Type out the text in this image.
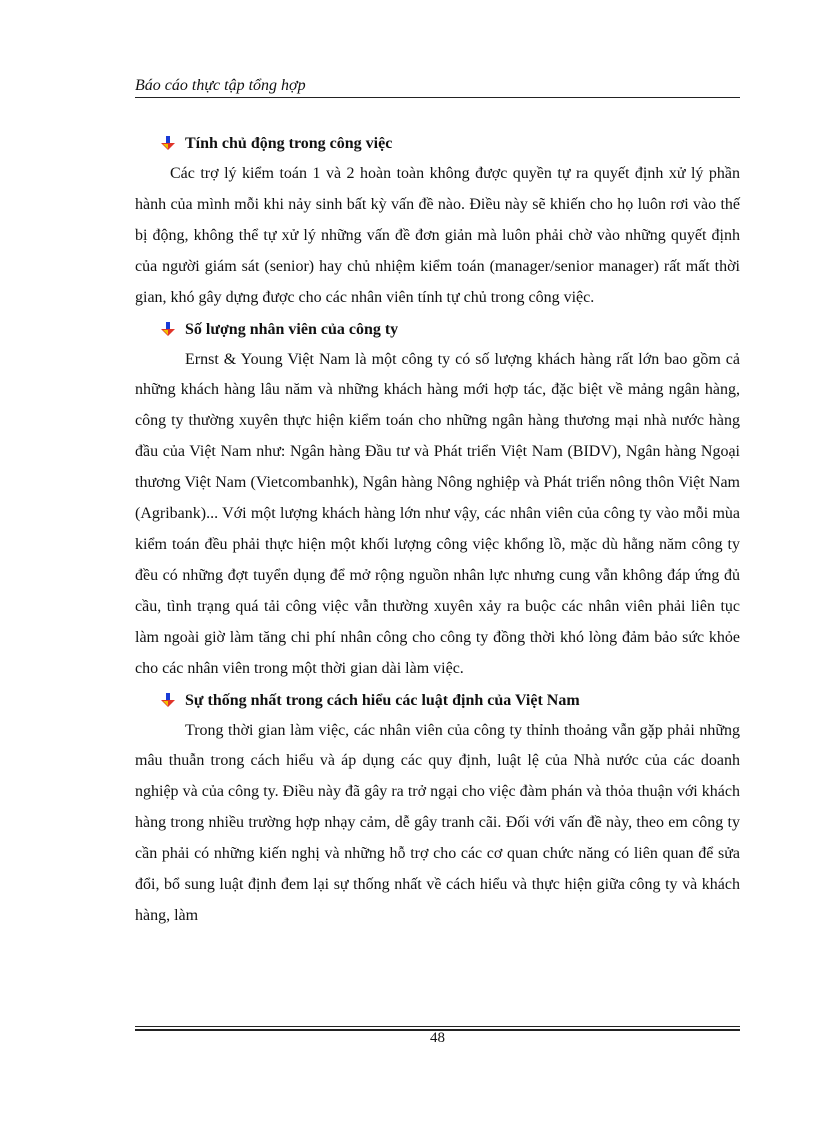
Báo cáo thực tập tổng hợp
Tính chủ động trong công việc

Các trợ lý kiểm toán 1 và 2 hoàn toàn không được quyền tự ra quyết định xử lý phần hành của mình mỗi khi nảy sinh bất kỳ vấn đề nào. Điều này sẽ khiến cho họ luôn rơi vào thế bị động, không thể tự xử lý những vấn đề đơn giản mà luôn phải chờ vào những quyết định của người giám sát (senior) hay chủ nhiệm kiểm toán (manager/senior manager) rất mất thời gian, khó gây dựng được cho các nhân viên tính tự chủ trong công việc.

Số lượng nhân viên của công ty

Ernst & Young Việt Nam là một công ty có số lượng khách hàng rất lớn bao gồm cả những khách hàng lâu năm và những khách hàng mới hợp tác, đặc biệt về mảng ngân hàng, công ty thường xuyên thực hiện kiểm toán cho những ngân hàng thương mại nhà nước hàng đầu của Việt Nam như: Ngân hàng Đầu tư và Phát triển Việt Nam (BIDV), Ngân hàng Ngoại thương Việt Nam (Vietcombanhk), Ngân hàng Nông nghiệp và Phát triển nông thôn Việt Nam (Agribank)... Với một lượng khách hàng lớn như vậy, các nhân viên của công ty vào mỗi mùa kiểm toán đều phải thực hiện một khối lượng công việc khổng lồ, mặc dù hằng năm công ty đều có những đợt tuyển dụng để mở rộng nguồn nhân lực nhưng cung vẫn không đáp ứng đủ cầu, tình trạng quá tải công việc vẫn thường xuyên xảy ra buộc các nhân viên phải liên tục làm ngoài giờ làm tăng chi phí nhân công cho công ty đồng thời khó lòng đảm bảo sức khỏe cho các nhân viên trong một thời gian dài làm việc.

Sự thống nhất trong cách hiểu các luật định của Việt Nam

Trong thời gian làm việc, các nhân viên của công ty thỉnh thoảng vẫn gặp phải những mâu thuẫn trong cách hiểu và áp dụng các quy định, luật lệ của Nhà nước của các doanh nghiệp và của công ty. Điều này đã gây ra trở ngại cho việc đàm phán và thỏa thuận với khách hàng trong nhiều trường hợp nhạy cảm, dễ gây tranh cãi. Đối với vấn đề này, theo em công ty cần phải có những kiến nghị và những hỗ trợ cho các cơ quan chức năng có liên quan để sửa đổi, bổ sung luật định đem lại sự thống nhất về cách hiểu và thực hiện giữa công ty và khách hàng, làm

48
